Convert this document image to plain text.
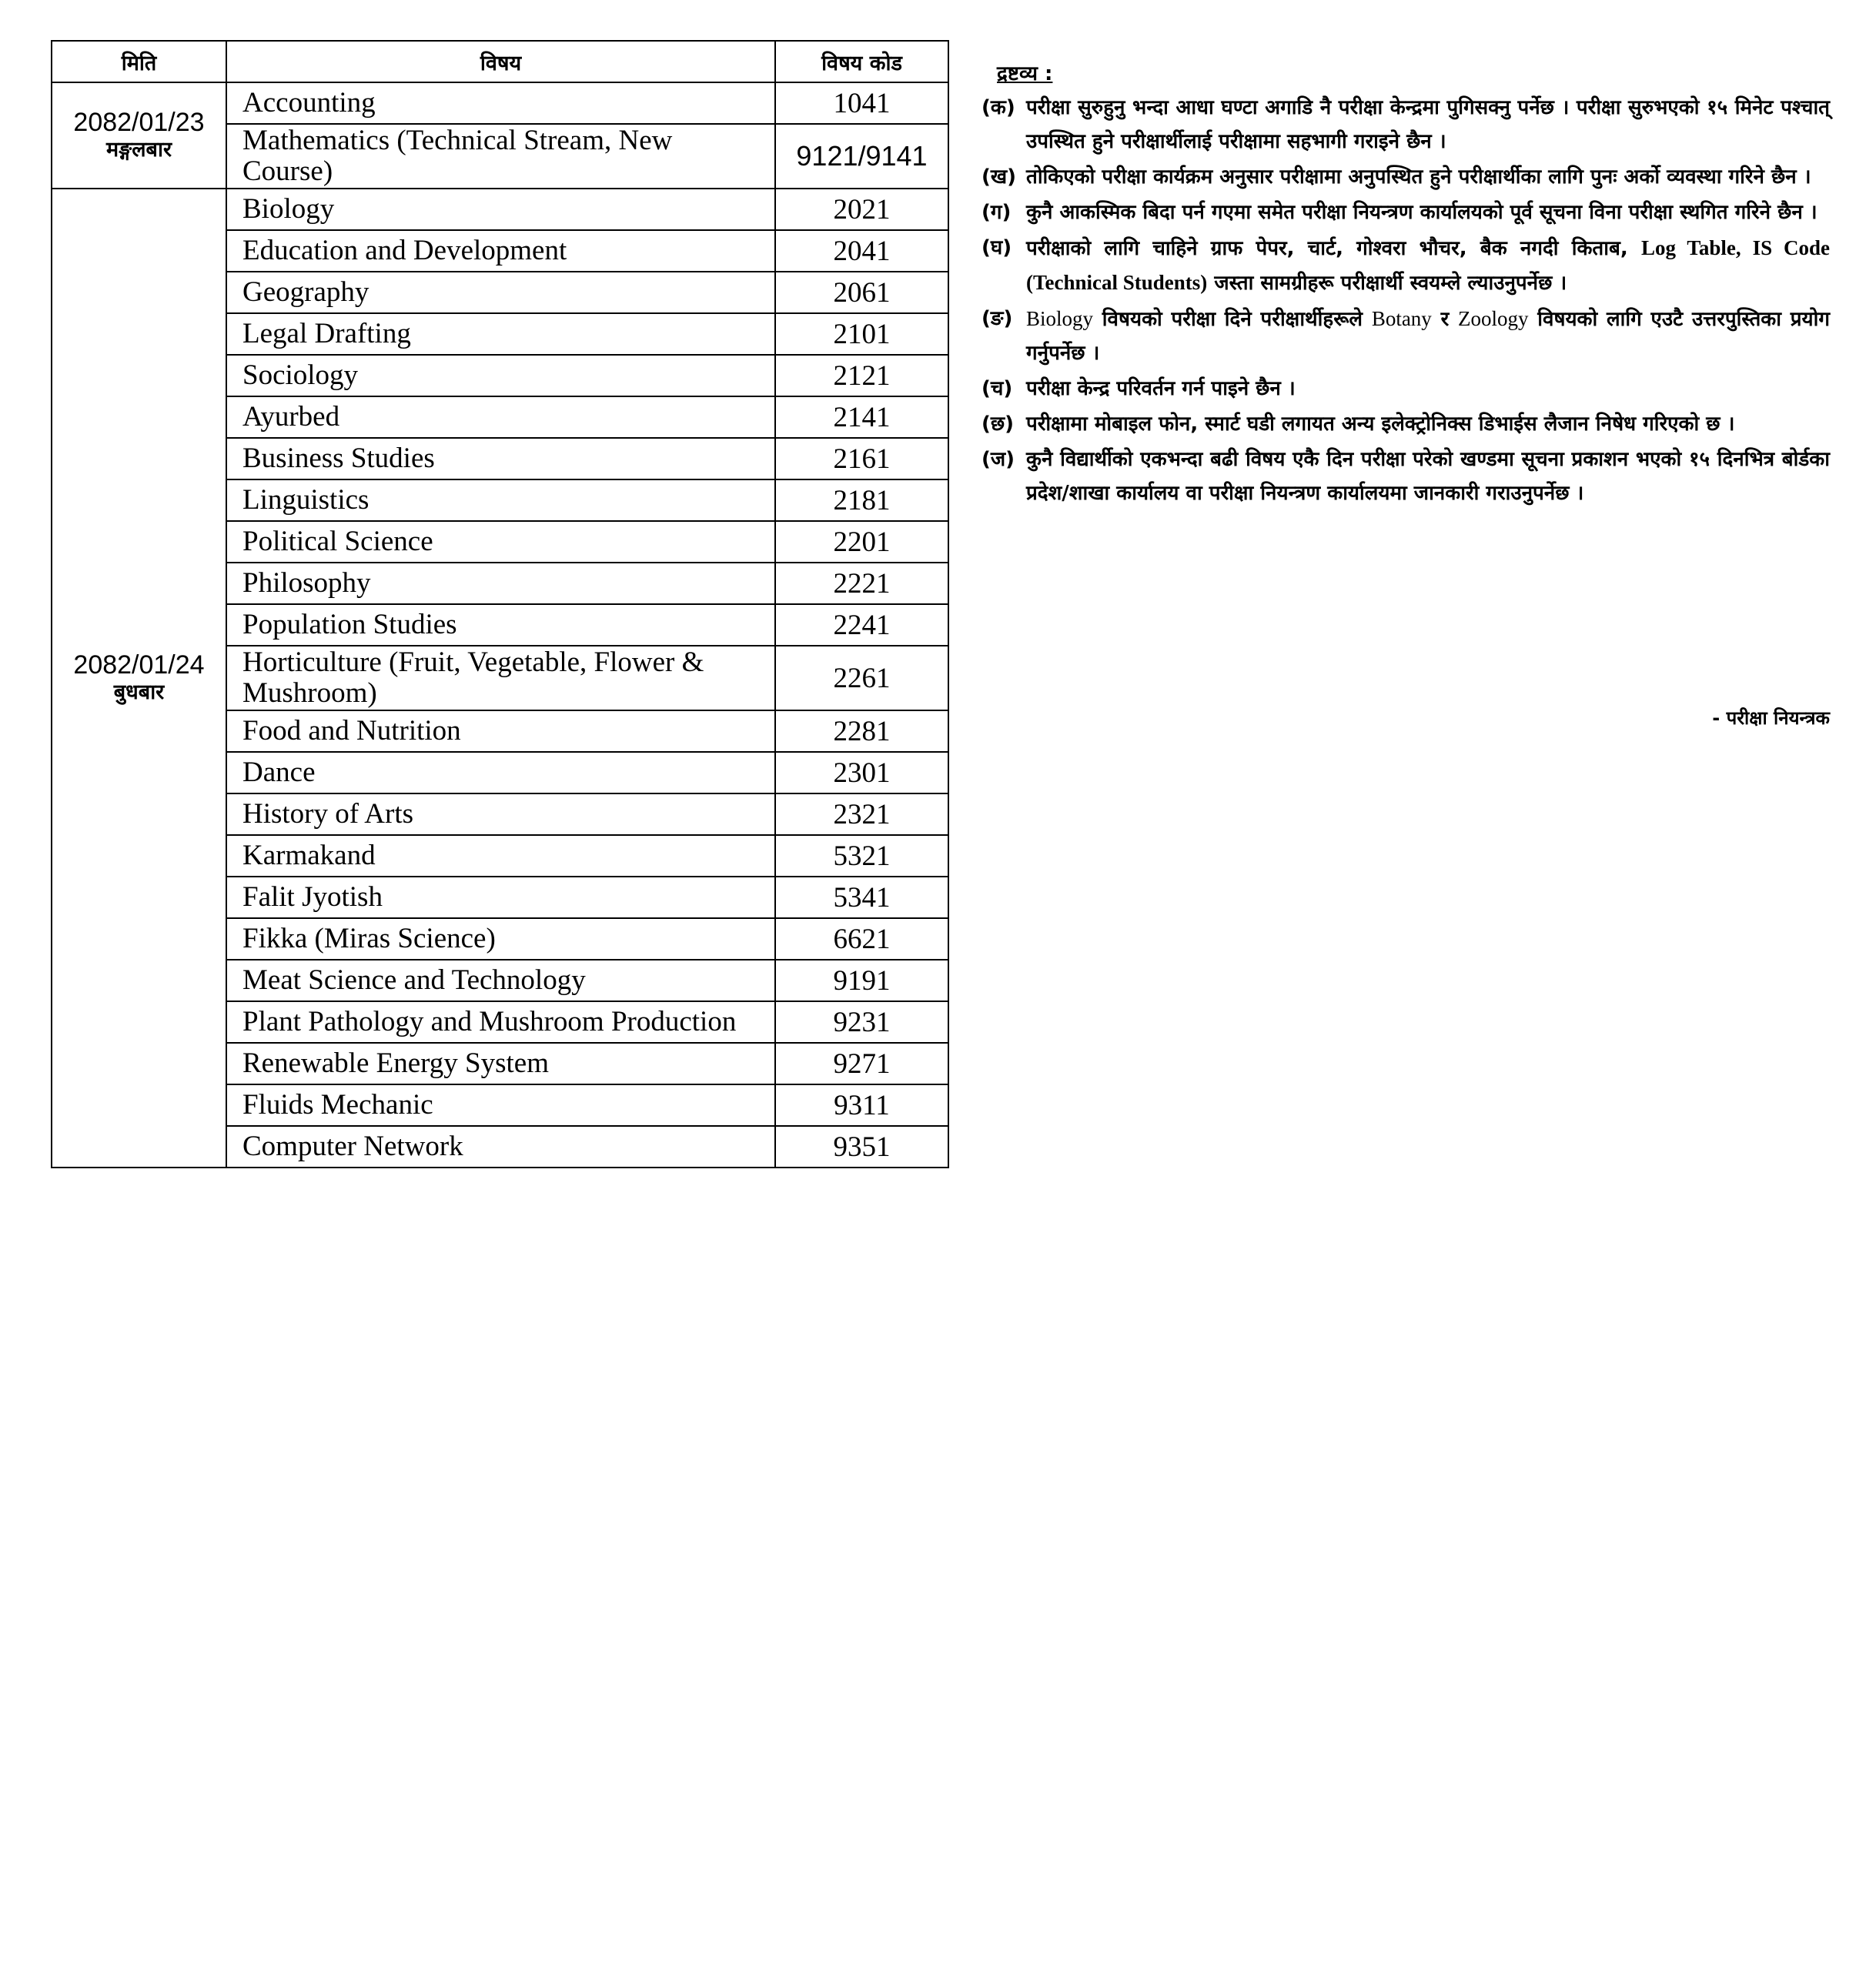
मिति	विषय	विषय कोड

2082/01/23
मङ्गलबार	Accounting	1041
	Mathematics (Technical Stream, New Course)	9121/9141

2082/01/24
बुधबार	Biology	2021
	Education and Development	2041
	Geography	2061
	Legal Drafting	2101
	Sociology	2121
	Ayurbed	2141
	Business Studies	2161
	Linguistics	2181
	Political Science	2201
	Philosophy	2221
	Population Studies	2241
	Horticulture (Fruit, Vegetable, Flower & Mushroom)	2261
	Food and Nutrition	2281
	Dance	2301
	History of Arts	2321
	Karmakand	5321
	Falit Jyotish	5341
	Fikka (Miras Science)	6621
	Meat Science and Technology	9191
	Plant Pathology and Mushroom Production	9231
	Renewable Energy System	9271
	Fluids Mechanic	9311
	Computer Network	9351
द्रष्टव्य :
(क) परीक्षा सुरुहुनु भन्दा आधा घण्टा अगाडि नै परीक्षा केन्द्रमा पुगिसक्नु पर्नेछ । परीक्षा सुरुभएको १५ मिनेट पश्चात् उपस्थित हुने परीक्षार्थीलाई परीक्षामा सहभागी गराइने छैन ।
(ख) तोकिएको परीक्षा कार्यक्रम अनुसार परीक्षामा अनुपस्थित हुने परीक्षार्थीका लागि पुनः अर्को व्यवस्था गरिने छैन ।
(ग) कुनै आकस्मिक बिदा पर्न गएमा समेत परीक्षा नियन्त्रण कार्यालयको पूर्व सूचना विना परीक्षा स्थगित गरिने छैन ।
(घ) परीक्षाको लागि चाहिने ग्राफ पेपर, चार्ट, गोश्वरा भौचर, बैक नगदी किताब, Log Table, IS Code (Technical Students) जस्ता सामग्रीहरू परीक्षार्थी स्वयम्ले ल्याउनुपर्नेछ ।
(ङ) Biology विषयको परीक्षा दिने परीक्षार्थीहरूले Botany र Zoology विषयको लागि एउटै उत्तरपुस्तिका प्रयोग गर्नुपर्नेछ ।
(च) परीक्षा केन्द्र परिवर्तन गर्न पाइने छैन ।
(छ) परीक्षामा मोबाइल फोन, स्मार्ट घडी लगायत अन्य इलेक्ट्रोनिक्स डिभाईस लैजान निषेध गरिएको छ ।
(ज) कुनै विद्यार्थीको एकभन्दा बढी विषय एकै दिन परीक्षा परेको खण्डमा सूचना प्रकाशन भएको १५ दिनभित्र बोर्डका प्रदेश/शाखा कार्यालय वा परीक्षा नियन्त्रण कार्यालयमा जानकारी गराउनुपर्नेछ ।
- परीक्षा नियन्त्रक
